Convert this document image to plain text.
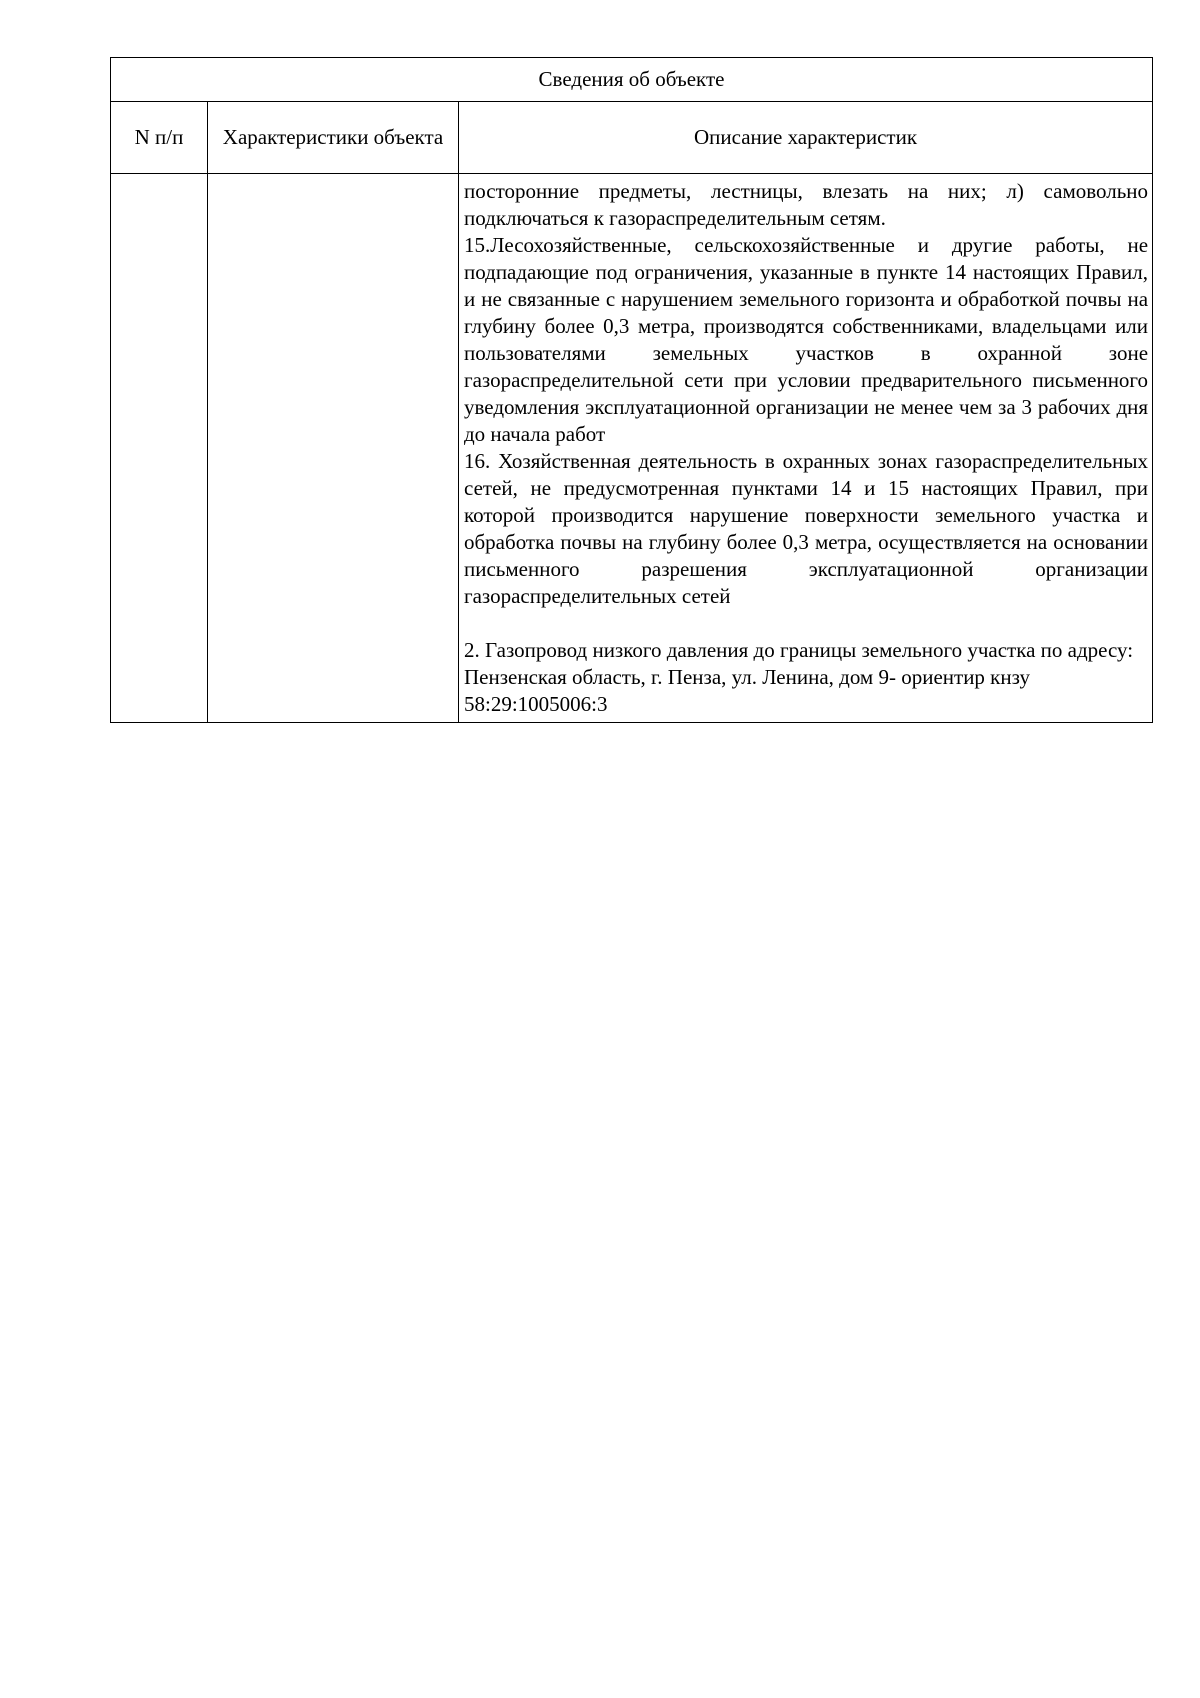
Сведения об объекте		
N п/п	Характеристики объекта	Описание характеристик

		посторонние предметы, лестницы, влезать на них; л) самовольно подключаться к газораспределительным сетям.

15.Лесохозяйственные, сельскохозяйственные и другие работы, не подпадающие под ограничения, указанные в пункте 14 настоящих Правил, и не связанные с нарушением земельного горизонта и обработкой почвы на глубину более 0,3 метра, производятся собственниками, владельцами или пользователями земельных участков в охранной зоне газораспределительной сети при условии предварительного письменного уведомления эксплуатационной организации не менее чем за 3 рабочих дня до начала работ

16. Хозяйственная деятельность в охранных зонах газораспределительных сетей, не предусмотренная пунктами 14 и 15 настоящих Правил, при которой производится нарушение поверхности земельного участка и обработка почвы на глубину более 0,3 метра, осуществляется на основании письменного разрешения эксплуатационной организации газораспределительных сетей

2. Газопровод низкого давления до границы земельного участка по адресу: Пензенская область, г. Пенза, ул. Ленина, дом 9- ориентир кнзу 58:29:1005006:3
